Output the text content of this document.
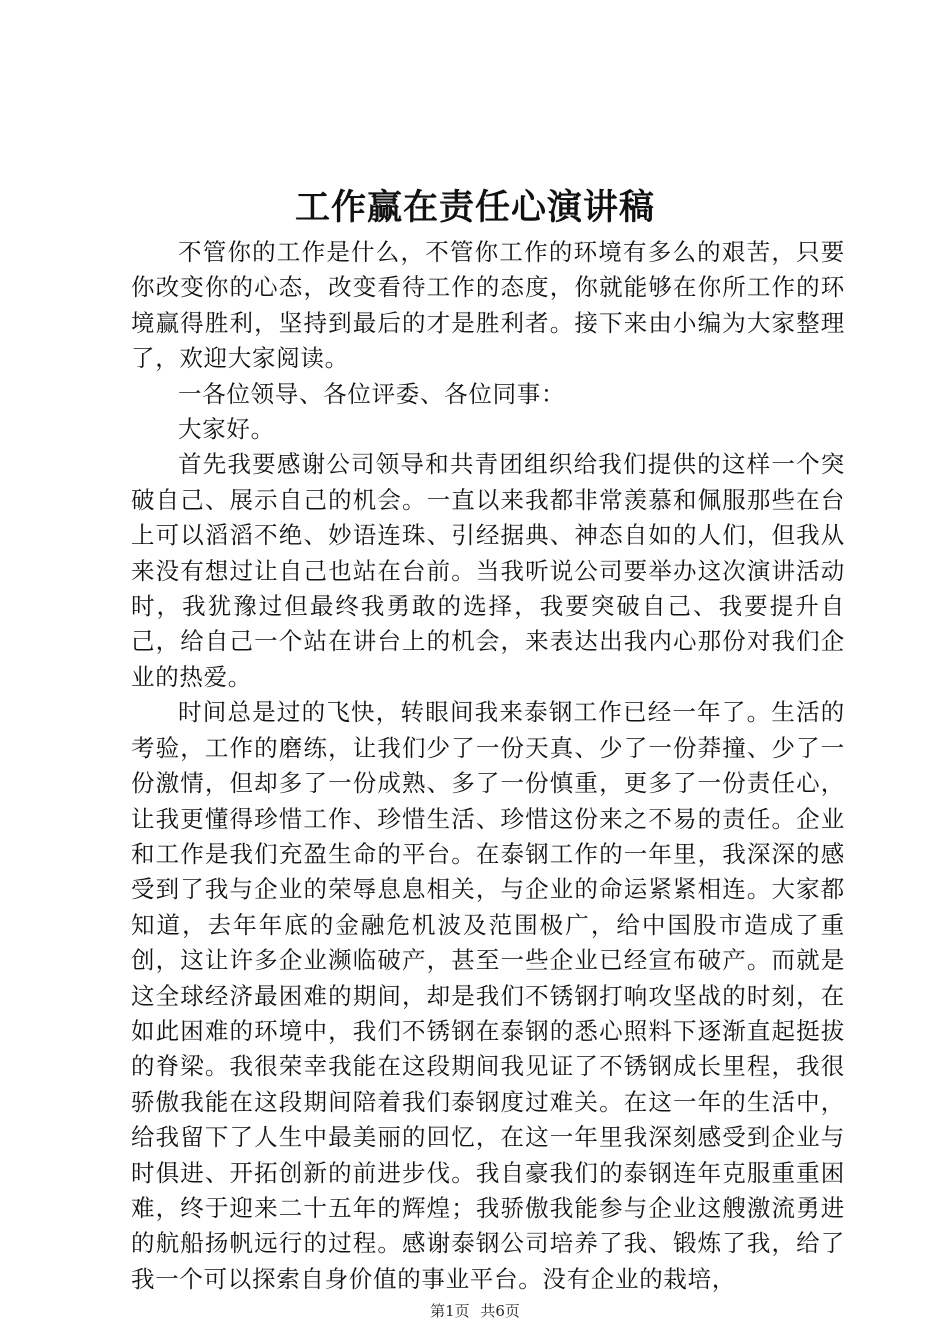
工作赢在责任心演讲稿

不管你的工作是什么，不管你工作的环境有多么的艰苦，只要你改变你的心态，改变看待工作的态度，你就能够在你所工作的环境赢得胜利，坚持到最后的才是胜利者。接下来由小编为大家整理了，欢迎大家阅读。

一各位领导、各位评委、各位同事：

大家好。

首先我要感谢公司领导和共青团组织给我们提供的这样一个突破自己、展示自己的机会。一直以来我都非常羡慕和佩服那些在台上可以滔滔不绝、妙语连珠、引经据典、神态自如的人们，但我从来没有想过让自己也站在台前。当我听说公司要举办这次演讲活动时，我犹豫过但最终我勇敢的选择，我要突破自己、我要提升自己，给自己一个站在讲台上的机会，来表达出我内心那份对我们企业的热爱。

时间总是过的飞快，转眼间我来泰钢工作已经一年了。生活的考验，工作的磨练，让我们少了一份天真、少了一份莽撞、少了一份激情，但却多了一份成熟、多了一份慎重，更多了一份责任心，让我更懂得珍惜工作、珍惜生活、珍惜这份来之不易的责任。企业和工作是我们充盈生命的平台。在泰钢工作的一年里，我深深的感受到了我与企业的荣辱息息相关，与企业的命运紧紧相连。大家都知道，去年年底的金融危机波及范围极广，给中国股市造成了重创，这让许多企业濒临破产，甚至一些企业已经宣布破产。而就是这全球经济最困难的期间，却是我们不锈钢打响攻坚战的时刻，在如此困难的环境中，我们不锈钢在泰钢的悉心照料下逐渐直起挺拔的脊梁。我很荣幸我能在这段期间我见证了不锈钢成长里程，我很骄傲我能在这段期间陪着我们泰钢度过难关。在这一年的生活中，给我留下了人生中最美丽的回忆，在这一年里我深刻感受到企业与时俱进、开拓创新的前进步伐。我自豪我们的泰钢连年克服重重困难，终于迎来二十五年的辉煌；我骄傲我能参与企业这艘激流勇进的航船扬帆远行的过程。感谢泰钢公司培养了我、锻炼了我，给了我一个可以探索自身价值的事业平台。没有企业的栽培，

第1页 共6页
